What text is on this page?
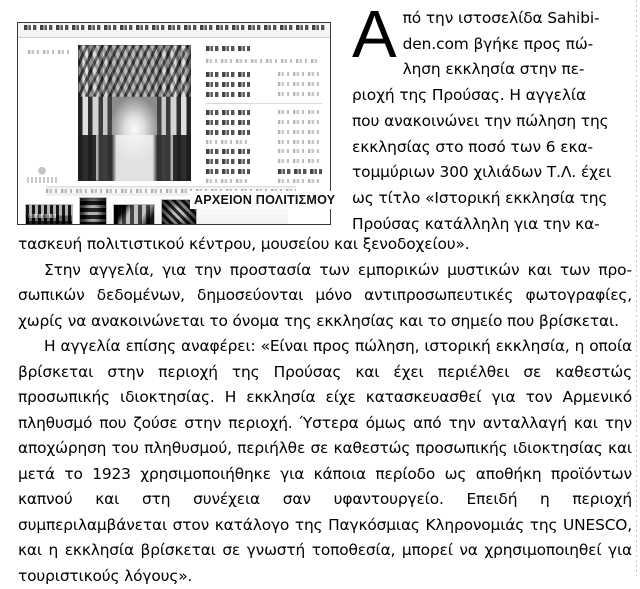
ΑΡΧΕΙΟΝ ΠΟΛΙΤΙΣΜΟΥ
Από την ιστοσελίδα Sahibi-
den.com βγήκε προς πώ-
ληση εκκλησία στην πε-
ριοχή της Προύσας. Η αγγελία
που ανακοινώνει την πώληση της
εκκλησίας στο ποσό των 6 εκα-
τομμύριων 300 χιλιάδων Τ.Λ. έχει
ως τίτλο «Ιστορική εκκλησία της
Προύσας κατάλληλη για την κα-

τασκευή πολιτιστικού κέντρου, μουσείου και ξενοδοχείου».

Στην αγγελία, για την προστασία των εμπορικών μυστικών και των προσωπικών δεδομένων, δημοσεύονται μόνο αντιπροσωπευτικές φωτογραφίες, χωρίς να ανακοινώνεται το όνομα της εκκλησίας και το σημείο που βρίσκεται.

Η αγγελία επίσης αναφέρει: «Είναι προς πώληση, ιστορική εκκλησία, η οποία βρίσκεται στην περιοχή της Προύσας και έχει περιέλθει σε καθεστώς προσωπικής ιδιοκτησίας. Η εκκλησία είχε κατασκευασθεί για τον Αρμενικό πληθυσμό που ζούσε στην περιοχή. Ύστερα όμως από την ανταλλαγή και την αποχώρηση του πληθυσμού, περιήλθε σε καθεστώς προσωπικής ιδιοκτησίας και μετά το 1923 χρησιμοποιήθηκε για κάποια περίοδο ως αποθήκη προϊόντων καπνού και στη συνέχεια σαν υφαντουργείο. Επειδή η περιοχή συμπεριλαμβάνεται στον κατάλογο της Παγκόσμιας Κληρονομιάς της UNESCO, και η εκκλησία βρίσκεται σε γνωστή τοποθεσία, μπορεί να χρησιμοποιηθεί για τουριστικούς λόγους».
